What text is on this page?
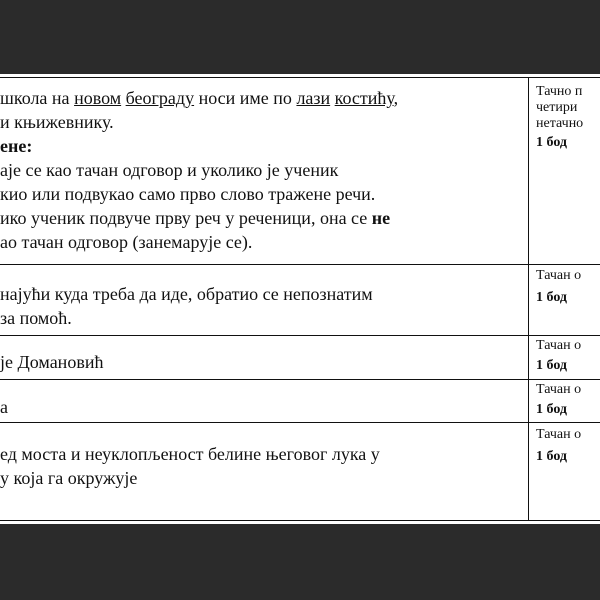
школа на новом београду носи име по лази костићу,
и књижевнику.
ене:
аје се као тачан одговор и уколико је ученик
кио или подвукао само прво слово тражене речи.
ико ученик подвуче прву реч у реченици, она се не
ао тачан одговор (занемарује се).
Тачно п
четири
нетачно
1 бод
најући куда треба да иде, обратио се непознатим
за помоћ.
Тачан о
1 бод
је Домановић
Тачан о
1 бод
а
Тачан о
1 бод
ед моста и неуклопљеност белине његовог лука у
у која га окружује
Тачан о
1 бод
